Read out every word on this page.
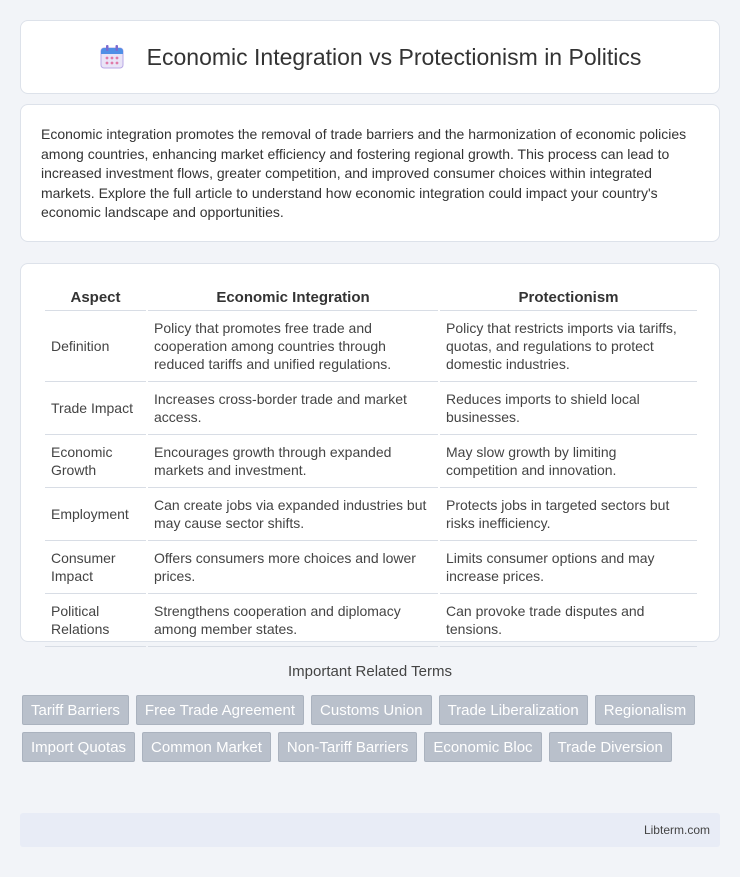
Economic Integration vs Protectionism in Politics

Economic integration promotes the removal of trade barriers and the harmonization of economic policies among countries, enhancing market efficiency and fostering regional growth. This process can lead to increased investment flows, greater competition, and improved consumer choices within integrated markets. Explore the full article to understand how economic integration could impact your country's economic landscape and opportunities.

Aspect	Economic Integration	Protectionism
Definition	Policy that promotes free trade and cooperation among countries through reduced tariffs and unified regulations.	Policy that restricts imports via tariffs, quotas, and regulations to protect domestic industries.
Trade Impact	Increases cross-border trade and market access.	Reduces imports to shield local businesses.
Economic Growth	Encourages growth through expanded markets and investment.	May slow growth by limiting competition and innovation.
Employment	Can create jobs via expanded industries but may cause sector shifts.	Protects jobs in targeted sectors but risks inefficiency.
Consumer Impact	Offers consumers more choices and lower prices.	Limits consumer options and may increase prices.
Political Relations	Strengthens cooperation and diplomacy among member states.	Can provoke trade disputes and tensions.
Important Related Terms
Tariff Barriers	Free Trade Agreement	Customs Union	Trade Liberalization	Regionalism
Import Quotas	Common Market	Non-Tariff Barriers	Economic Bloc	Trade Diversion
Libterm.com
